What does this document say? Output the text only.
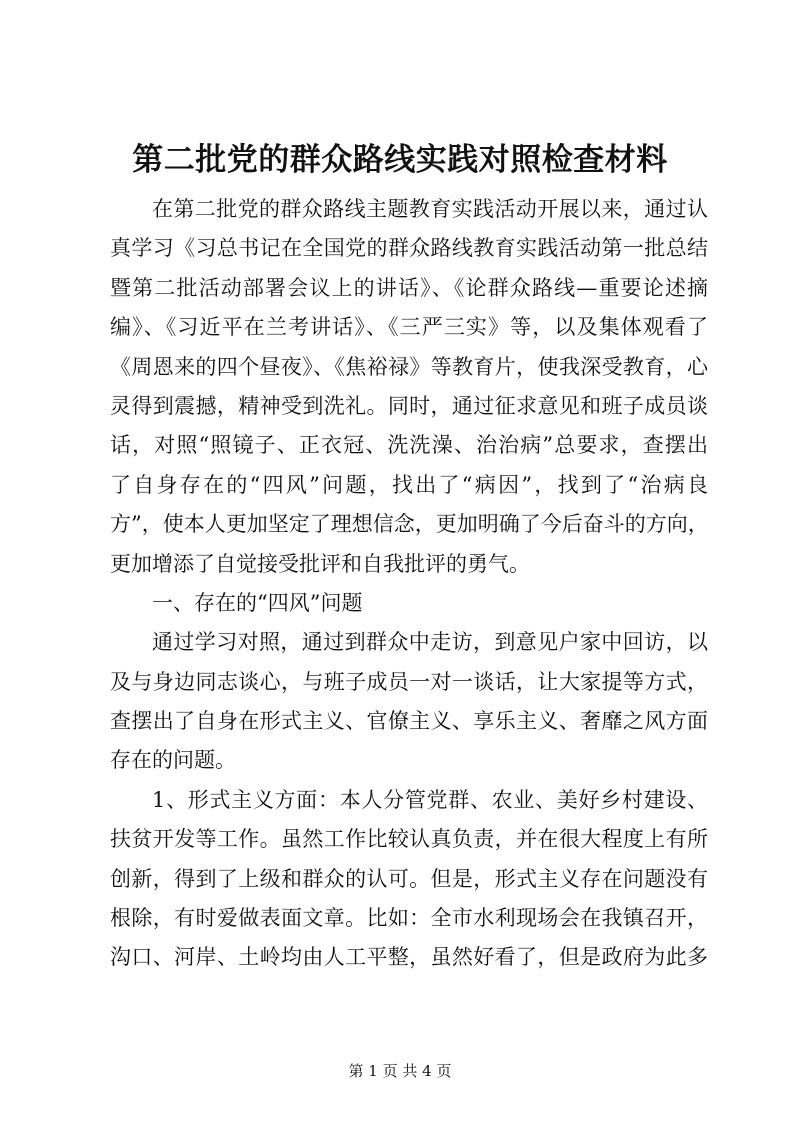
第二批党的群众路线实践对照检查材料
在第二批党的群众路线主题教育实践活动开展以来，通过认
真学习《习总书记在全国党的群众路线教育实践活动第一批总结
暨第二批活动部署会议上的讲话》、《论群众路线—重要论述摘
编》、《习近平在兰考讲话》、《三严三实》等，以及集体观看了
《周恩来的四个昼夜》、《焦裕禄》等教育片，使我深受教育，心
灵得到震撼，精神受到洗礼。同时，通过征求意见和班子成员谈
话，对照“照镜子、正衣冠、洗洗澡、治治病”总要求，查摆出
了自身存在的“四风”问题，找出了“病因”，找到了“治病良
方”，使本人更加坚定了理想信念，更加明确了今后奋斗的方向，
更加增添了自觉接受批评和自我批评的勇气。
一、存在的“四风”问题
通过学习对照，通过到群众中走访，到意见户家中回访，以
及与身边同志谈心，与班子成员一对一谈话，让大家提等方式，
查摆出了自身在形式主义、官僚主义、享乐主义、奢靡之风方面
存在的问题。
1、形式主义方面：本人分管党群、农业、美好乡村建设、
扶贫开发等工作。虽然工作比较认真负责，并在很大程度上有所
创新，得到了上级和群众的认可。但是，形式主义存在问题没有
根除，有时爱做表面文章。比如：全市水利现场会在我镇召开，
沟口、河岸、土岭均由人工平整，虽然好看了，但是政府为此多
第 1 页 共 4 页
